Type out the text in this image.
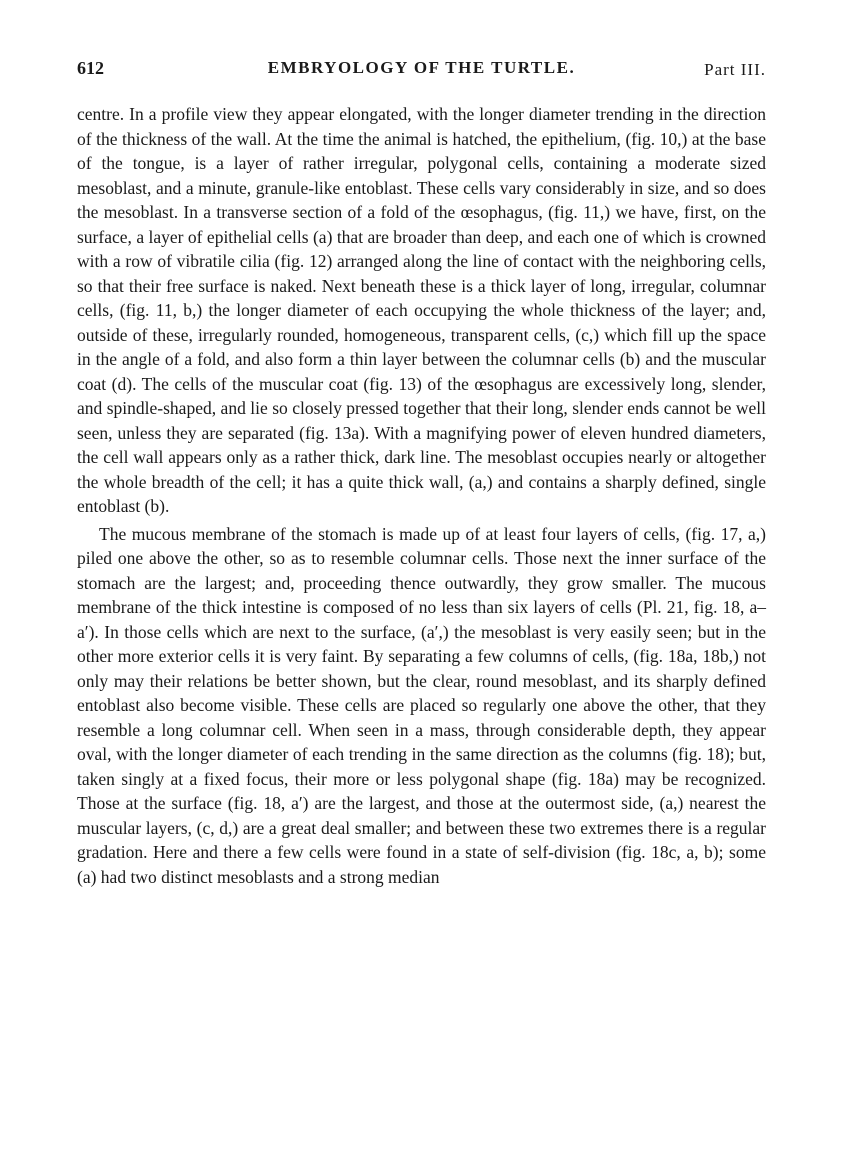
612	EMBRYOLOGY OF THE TURTLE.	Part III.

centre. In a profile view they appear elongated, with the longer diameter trending in the direction of the thickness of the wall. At the time the animal is hatched, the epithelium, (fig. 10,) at the base of the tongue, is a layer of rather irregular, polygonal cells, containing a moderate sized mesoblast, and a minute, granule-like entoblast. These cells vary considerably in size, and so does the mesoblast. In a transverse section of a fold of the œsophagus, (fig. 11,) we have, first, on the surface, a layer of epithelial cells (a) that are broader than deep, and each one of which is crowned with a row of vibratile cilia (fig. 12) arranged along the line of contact with the neighboring cells, so that their free surface is naked. Next beneath these is a thick layer of long, irregular, columnar cells, (fig. 11, b,) the longer diameter of each occupying the whole thickness of the layer; and, outside of these, irregularly rounded, homogeneous, transparent cells, (c,) which fill up the space in the angle of a fold, and also form a thin layer between the columnar cells (b) and the muscular coat (d). The cells of the muscular coat (fig. 13) of the œsophagus are excessively long, slender, and spindle-shaped, and lie so closely pressed together that their long, slender ends cannot be well seen, unless they are separated (fig. 13a). With a magnifying power of eleven hundred diameters, the cell wall appears only as a rather thick, dark line. The mesoblast occupies nearly or altogether the whole breadth of the cell; it has a quite thick wall, (a,) and contains a sharply defined, single entoblast (b).

The mucous membrane of the stomach is made up of at least four layers of cells, (fig. 17, a,) piled one above the other, so as to resemble columnar cells. Those next the inner surface of the stomach are the largest; and, proceeding thence outwardly, they grow smaller. The mucous membrane of the thick intestine is composed of no less than six layers of cells (Pl. 21, fig. 18, a–a′). In those cells which are next to the surface, (a′,) the mesoblast is very easily seen; but in the other more exterior cells it is very faint. By separating a few columns of cells, (fig. 18a, 18b,) not only may their relations be better shown, but the clear, round mesoblast, and its sharply defined entoblast also become visible. These cells are placed so regularly one above the other, that they resemble a long columnar cell. When seen in a mass, through considerable depth, they appear oval, with the longer diameter of each trending in the same direction as the columns (fig. 18); but, taken singly at a fixed focus, their more or less polygonal shape (fig. 18a) may be recognized. Those at the surface (fig. 18, a′) are the largest, and those at the outermost side, (a,) nearest the muscular layers, (c, d,) are a great deal smaller; and between these two extremes there is a regular gradation. Here and there a few cells were found in a state of self-division (fig. 18c, a, b); some (a) had two distinct mesoblasts and a strong median
